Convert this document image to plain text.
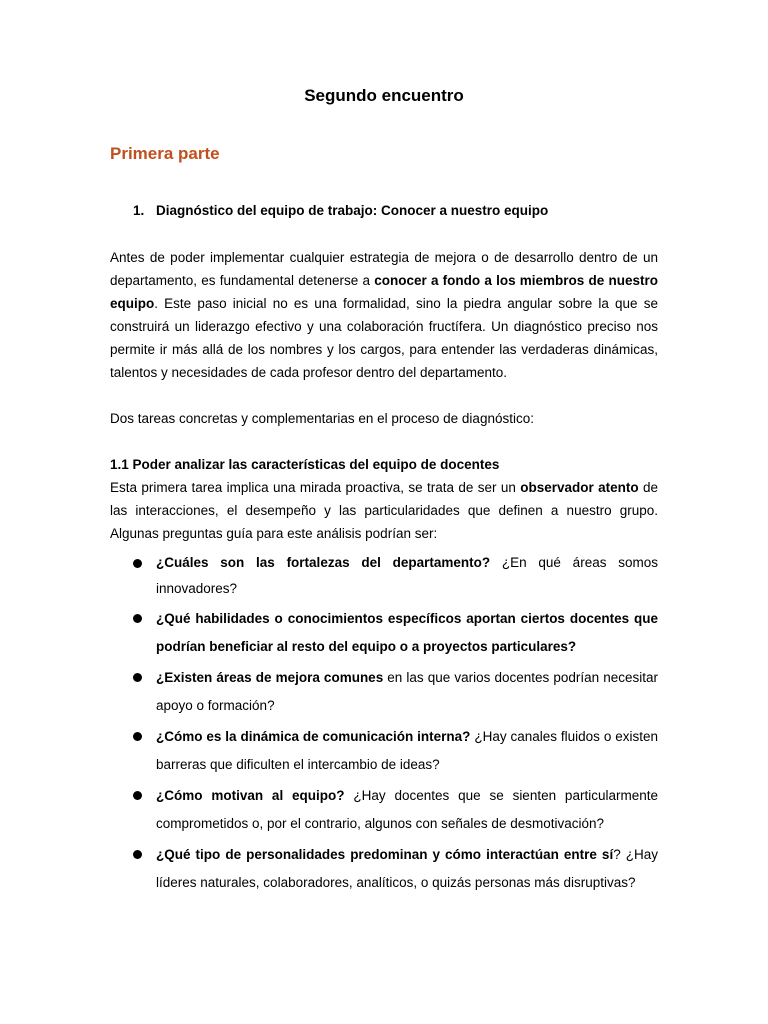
Segundo encuentro
Primera parte
1. Diagnóstico del equipo de trabajo: Conocer a nuestro equipo

Antes de poder implementar cualquier estrategia de mejora o de desarrollo dentro de un departamento, es fundamental detenerse a conocer a fondo a los miembros de nuestro equipo. Este paso inicial no es una formalidad, sino la piedra angular sobre la que se construirá un liderazgo efectivo y una colaboración fructífera. Un diagnóstico preciso nos permite ir más allá de los nombres y los cargos, para entender las verdaderas dinámicas, talentos y necesidades de cada profesor dentro del departamento.

Dos tareas concretas y complementarias en el proceso de diagnóstico:

1.1 Poder analizar las características del equipo de docentes

Esta primera tarea implica una mirada proactiva, se trata de ser un observador atento de las interacciones, el desempeño y las particularidades que definen a nuestro grupo. Algunas preguntas guía para este análisis podrían ser:

¿Cuáles son las fortalezas del departamento? ¿En qué áreas somos innovadores?
¿Qué habilidades o conocimientos específicos aportan ciertos docentes que podrían beneficiar al resto del equipo o a proyectos particulares?
¿Existen áreas de mejora comunes en las que varios docentes podrían necesitar apoyo o formación?
¿Cómo es la dinámica de comunicación interna? ¿Hay canales fluidos o existen barreras que dificulten el intercambio de ideas?
¿Cómo motivan al equipo? ¿Hay docentes que se sienten particularmente comprometidos o, por el contrario, algunos con señales de desmotivación?
¿Qué tipo de personalidades predominan y cómo interactúan entre sí? ¿Hay líderes naturales, colaboradores, analíticos, o quizás personas más disruptivas?
